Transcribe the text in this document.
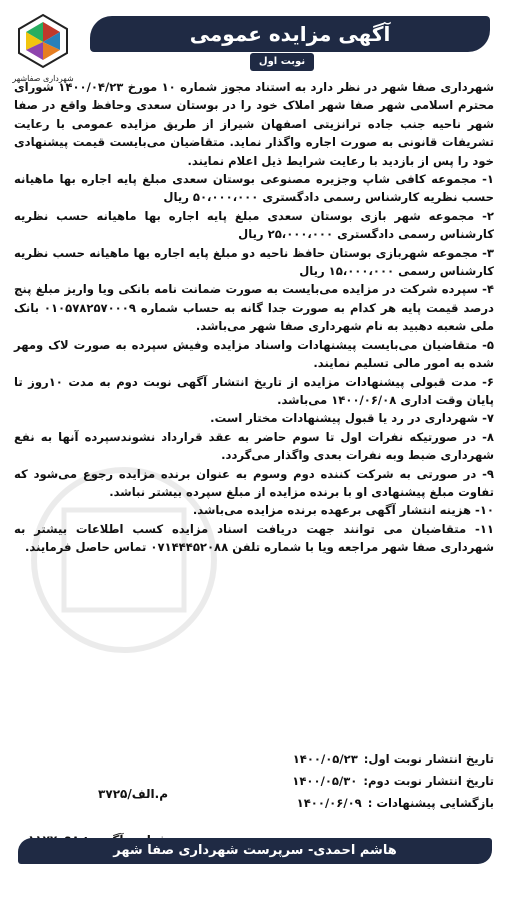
شهرداری صفاشهر
آگهی مزایده عمومی
نوبت اول

شهرداری صفا شهر در نظر دارد به استناد مجوز شماره ۱۰ مورخ ۱۴۰۰/۰۴/۲۳ شورای محترم اسلامی شهر صفا شهر املاک خود را در بوستان سعدی وحافظ واقع در صفا شهر ناحیه جنب جاده ترانزیتی اصفهان شیراز از طریق مزایده عمومی با رعایت تشریفات قانونی به صورت اجاره واگذار نماید. متقاضیان می‌بایست قیمت پیشنهادی خود را پس از بازدید با رعایت شرایط ذیل اعلام نمایند.

۱- مجموعه کافی شاپ وجزیره مصنوعی بوستان سعدی مبلغ پایه اجاره بها ماهیانه حسب نظریه کارشناس رسمی دادگستری ۵۰،۰۰۰،۰۰۰ ریال

۲- مجموعه شهر بازی بوستان سعدی مبلغ پایه اجاره بها ماهیانه حسب نظریه کارشناس رسمی دادگستری ۲۵،۰۰۰،۰۰۰ ریال

۳- مجموعه شهربازی بوستان حافظ ناحیه دو مبلغ پایه اجاره بها ماهیانه حسب نظریه کارشناس رسمی ۱۵،۰۰۰،۰۰۰ ریال

۴- سپرده شرکت در مزایده می‌بایست به صورت ضمانت نامه بانکی ویا واریز مبلغ پنج درصد قیمت پایه هر کدام به صورت جدا گانه به حساب شماره ۰۱۰۵۷۸۲۵۷۰۰۰۹ بانک ملی شعبه دهبید به نام شهرداری صفا شهر می‌باشد.

۵- متقاضیان می‌بایست پیشنهادات واسناد مزایده وفیش سپرده به صورت لاک ومهر شده به امور مالی تسلیم نمایند.

۶- مدت قبولی پیشنهادات مزایده از تاریخ انتشار آگهی نوبت دوم به مدت ۱۰روز تا پایان وقت اداری ۱۴۰۰/۰۶/۰۸ می‌باشد.

۷- شهرداری در رد یا قبول پیشنهادات مختار است.

۸- در صورتیکه نفرات اول تا سوم حاضر به عقد قرارداد نشوندسپرده آنها به نفع شهرداری ضبط وبه نفرات بعدی واگذار می‌گردد.

۹- در صورتی به شرکت کننده دوم وسوم به عنوان برنده مزایده رجوع می‌شود که تفاوت مبلغ پیشنهادی او با برنده مزایده از مبلغ سپرده بیشتر نباشد.

۱۰- هزینه انتشار آگهی برعهده برنده مزایده می‌باشد.

۱۱- متقاضیان می توانند جهت دریافت اسناد مزایده کسب اطلاعات بیشتر به شهرداری صفا شهر مراجعه ویا با شماره تلفن ۰۷۱۴۴۴۵۲۰۸۸ تماس حاصل فرمایند.

تاریخ انتشار نوبت اول:
۱۴۰۰/۰۵/۲۳
تاریخ انتشار نوبت دوم:
۱۴۰۰/۰۵/۳۰
بازگشایی پیشنهادات :
۱۴۰۰/۰۶/۰۹
م.الف/۳۷۲۵
هاشم احمدی- سرپرست شهرداری صفا شهر
